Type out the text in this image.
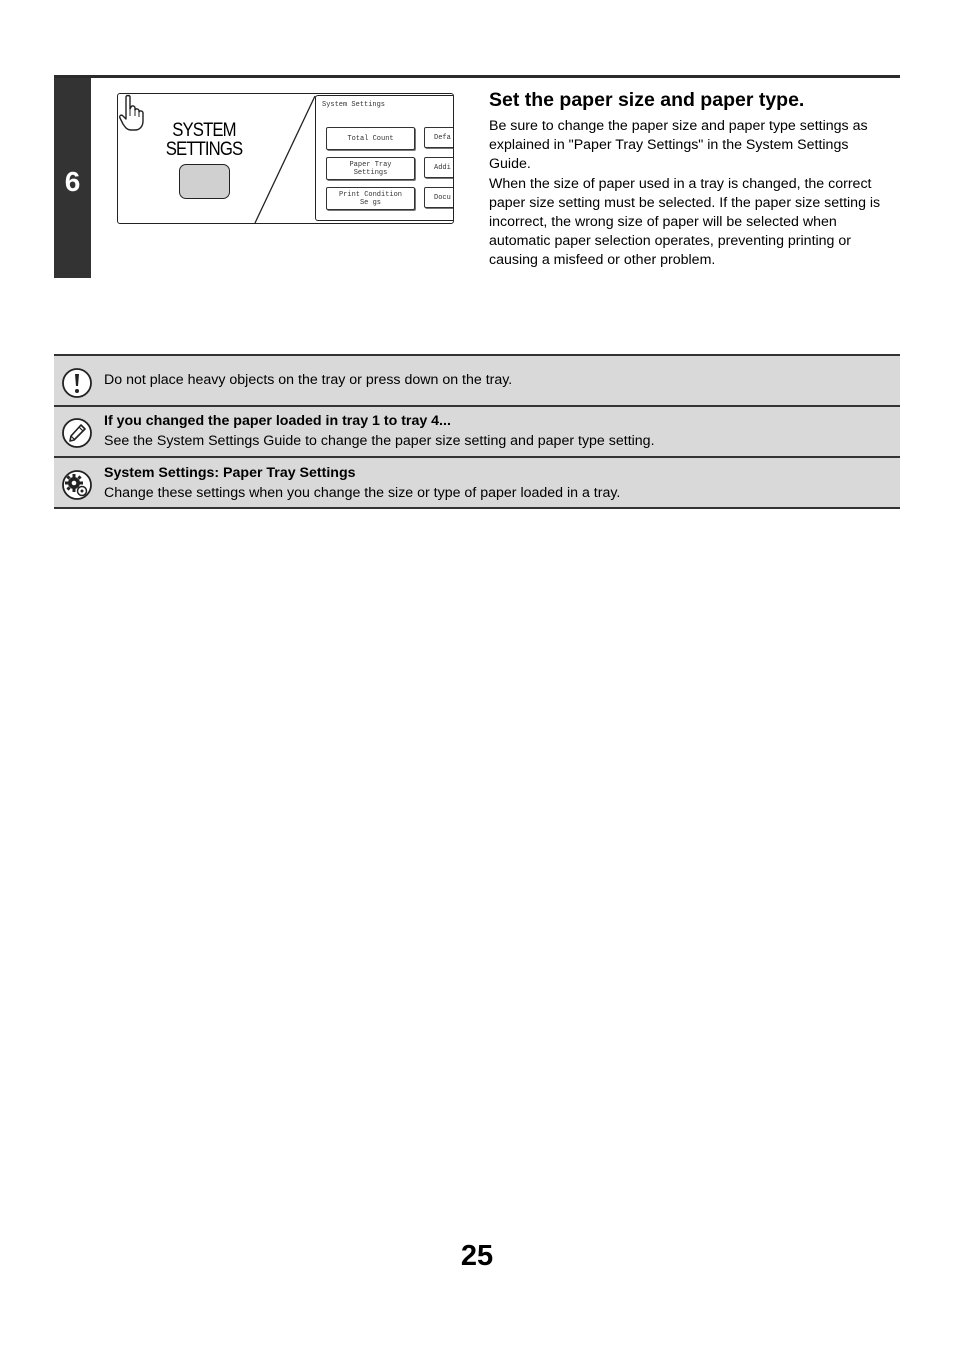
6
SYSTEM
SETTINGS
System Settings
Total Count
Paper Tray
Settings
Print Condition
Se gs
Defa
Addi
Docu
Set the paper size and paper type.

Be sure to change the paper size and paper type settings as explained in "Paper Tray Settings" in the System Settings Guide.

When the size of paper used in a tray is changed, the correct paper size setting must be selected. If the paper size setting is incorrect, the wrong size of paper will be selected when automatic paper selection operates, preventing printing or causing a misfeed or other problem.

Do not place heavy objects on the tray or press down on the tray.
If you changed the paper loaded in tray 1 to tray 4...
See the System Settings Guide to change the paper size setting and paper type setting.
System Settings: Paper Tray Settings
Change these settings when you change the size or type of paper loaded in a tray.
25
